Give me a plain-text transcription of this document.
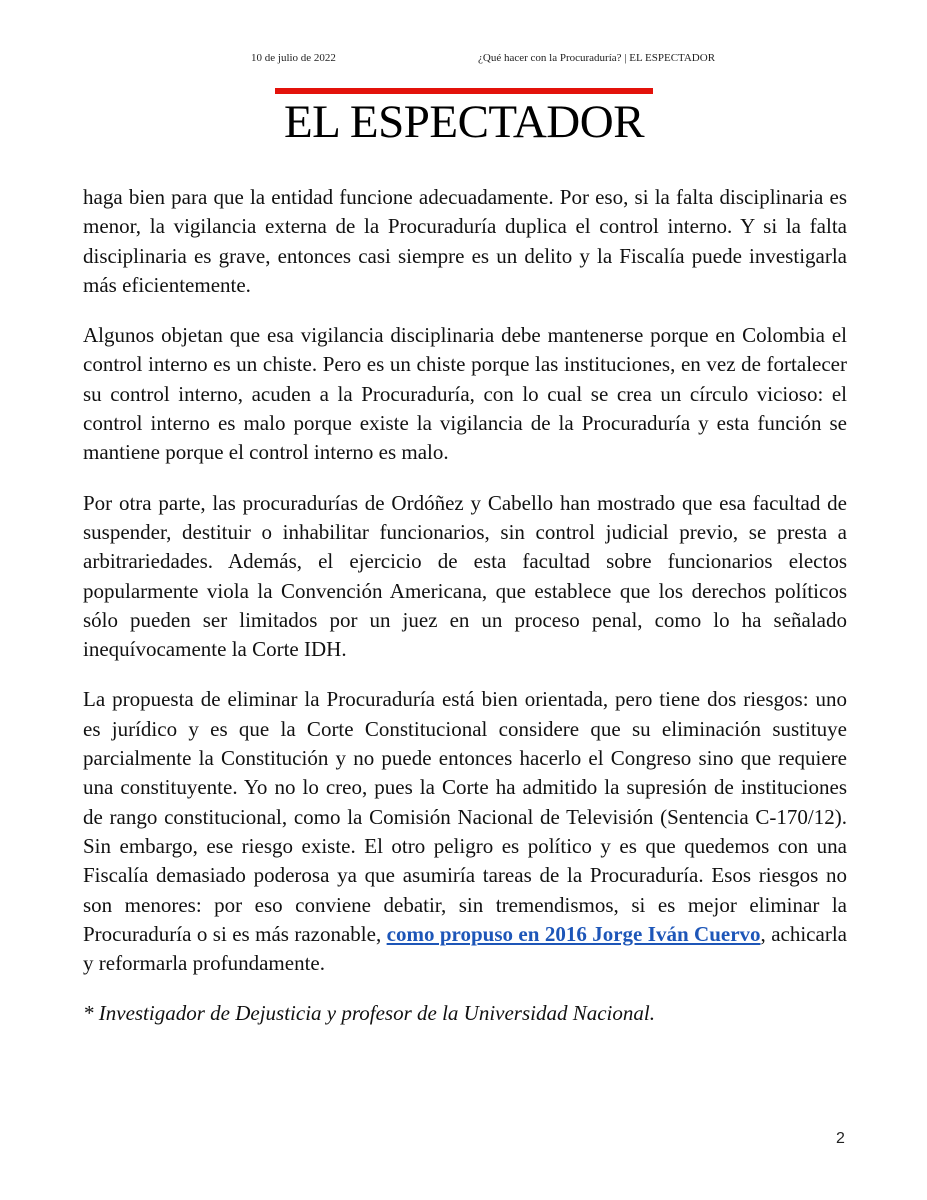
10 de julio de 2022	¿Qué hacer con la Procuraduría? | EL ESPECTADOR
EL ESPECTADOR

haga bien para que la entidad funcione adecuadamente. Por eso, si la falta disciplinaria es menor, la vigilancia externa de la Procuraduría duplica el control interno. Y si la falta disciplinaria es grave, entonces casi siempre es un delito y la Fiscalía puede investigarla más eficientemente.

Algunos objetan que esa vigilancia disciplinaria debe mantenerse porque en Colombia el control interno es un chiste. Pero es un chiste porque las instituciones, en vez de fortalecer su control interno, acuden a la Procuraduría, con lo cual se crea un círculo vicioso: el control interno es malo porque existe la vigilancia de la Procuraduría y esta función se mantiene porque el control interno es malo.

Por otra parte, las procuradurías de Ordóñez y Cabello han mostrado que esa facultad de suspender, destituir o inhabilitar funcionarios, sin control judicial previo, se presta a arbitrariedades. Además, el ejercicio de esta facultad sobre funcionarios electos popularmente viola la Convención Americana, que establece que los derechos políticos sólo pueden ser limitados por un juez en un proceso penal, como lo ha señalado inequívocamente la Corte IDH.

La propuesta de eliminar la Procuraduría está bien orientada, pero tiene dos riesgos: uno es jurídico y es que la Corte Constitucional considere que su eliminación sustituye parcialmente la Constitución y no puede entonces hacerlo el Congreso sino que requiere una constituyente. Yo no lo creo, pues la Corte ha admitido la supresión de instituciones de rango constitucional, como la Comisión Nacional de Televisión (Sentencia C-170/12). Sin embargo, ese riesgo existe. El otro peligro es político y es que quedemos con una Fiscalía demasiado poderosa ya que asumiría tareas de la Procuraduría. Esos riesgos no son menores: por eso conviene debatir, sin tremendismos, si es mejor eliminar la Procuraduría o si es más razonable, como propuso en 2016 Jorge Iván Cuervo, achicarla y reformarla profundamente.

* Investigador de Dejusticia y profesor de la Universidad Nacional.

2
